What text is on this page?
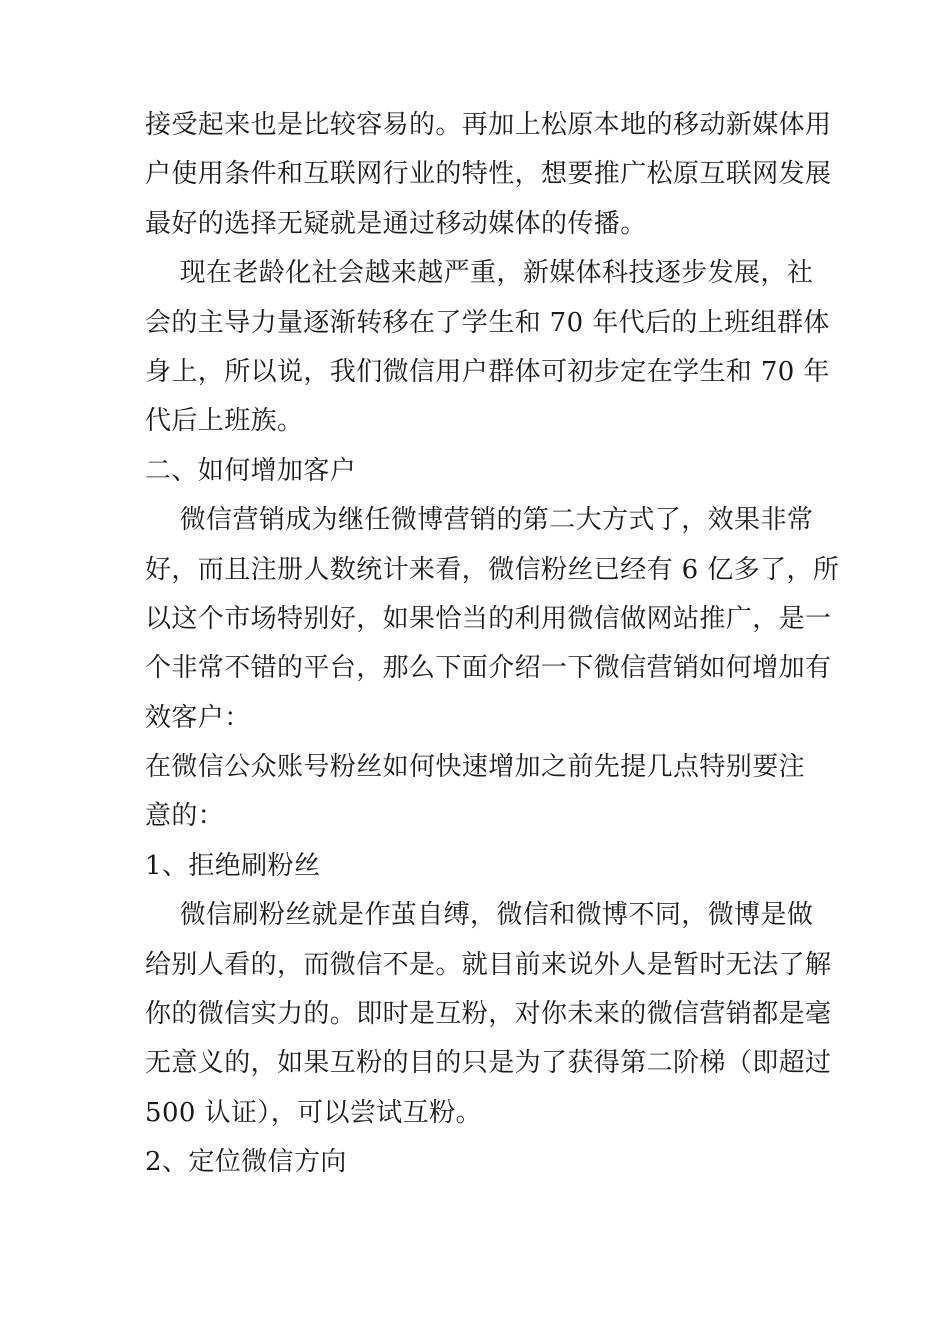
接受起来也是比较容易的。再加上松原本地的移动新媒体用
户使用条件和互联网行业的特性，想要推广松原互联网发展
最好的选择无疑就是通过移动媒体的传播。
现在老龄化社会越来越严重，新媒体科技逐步发展，社
会的主导力量逐渐转移在了学生和 70 年代后的上班组群体
身上，所以说，我们微信用户群体可初步定在学生和 70 年
代后上班族。
二、如何增加客户
微信营销成为继任微博营销的第二大方式了，效果非常
好，而且注册人数统计来看，微信粉丝已经有 6 亿多了，所
以这个市场特别好，如果恰当的利用微信做网站推广，是一
个非常不错的平台，那么下面介绍一下微信营销如何增加有
效客户：
在微信公众账号粉丝如何快速增加之前先提几点特别要注
意的：
1、拒绝刷粉丝
微信刷粉丝就是作茧自缚，微信和微博不同，微博是做
给别人看的，而微信不是。就目前来说外人是暂时无法了解
你的微信实力的。即时是互粉，对你未来的微信营销都是毫
无意义的，如果互粉的目的只是为了获得第二阶梯（即超过
500 认证），可以尝试互粉。
2、定位微信方向
